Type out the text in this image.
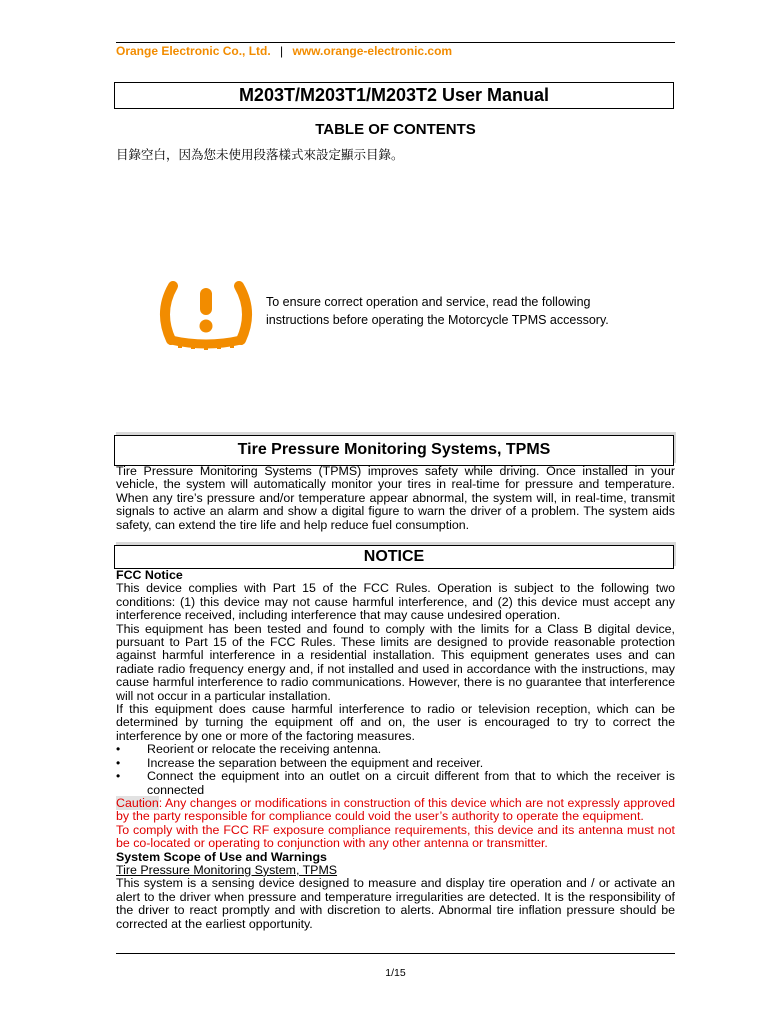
Orange Electronic Co., Ltd. | www.orange-electronic.com
M203T/M203T1/M203T2 User Manual
TABLE OF CONTENTS
目錄空白，因為您未使用段落樣式來設定顯示目錄。
To ensure correct operation and service, read the following instructions before operating the Motorcycle TPMS accessory.
Tire Pressure Monitoring Systems, TPMS
Tire Pressure Monitoring Systems (TPMS) improves safety while driving. Once installed in your vehicle, the system will automatically monitor your tires in real-time for pressure and temperature. When any tire’s pressure and/or temperature appear abnormal, the system will, in real-time, transmit signals to active an alarm and show a digital figure to warn the driver of a problem. The system aids safety, can extend the tire life and help reduce fuel consumption.
NOTICE

FCC Notice

This device complies with Part 15 of the FCC Rules. Operation is subject to the following two conditions: (1) this device may not cause harmful interference, and (2) this device must accept any interference received, including interference that may cause undesired operation.

This equipment has been tested and found to comply with the limits for a Class B digital device, pursuant to Part 15 of the FCC Rules. These limits are designed to provide reasonable protection against harmful interference in a residential installation. This equipment generates uses and can radiate radio frequency energy and, if not installed and used in accordance with the instructions, may cause harmful interference to radio communications. However, there is no guarantee that interference will not occur in a particular installation.

If this equipment does cause harmful interference to radio or television reception, which can be determined by turning the equipment off and on, the user is encouraged to try to correct the interference by one or more of the factoring measures.

• Reorient or relocate the receiving antenna.
• Increase the separation between the equipment and receiver.
• Connect the equipment into an outlet on a circuit different from that to which the receiver is connected

Caution: Any changes or modifications in construction of this device which are not expressly approved by the party responsible for compliance could void the user’s authority to operate the equipment.

To comply with the FCC RF exposure compliance requirements, this device and its antenna must not be co-located or operating to conjunction with any other antenna or transmitter.

System Scope of Use and Warnings

Tire Pressure Monitoring System, TPMS

This system is a sensing device designed to measure and display tire operation and / or activate an alert to the driver when pressure and temperature irregularities are detected. It is the responsibility of the driver to react promptly and with discretion to alerts. Abnormal tire inflation pressure should be corrected at the earliest opportunity.

1/15
